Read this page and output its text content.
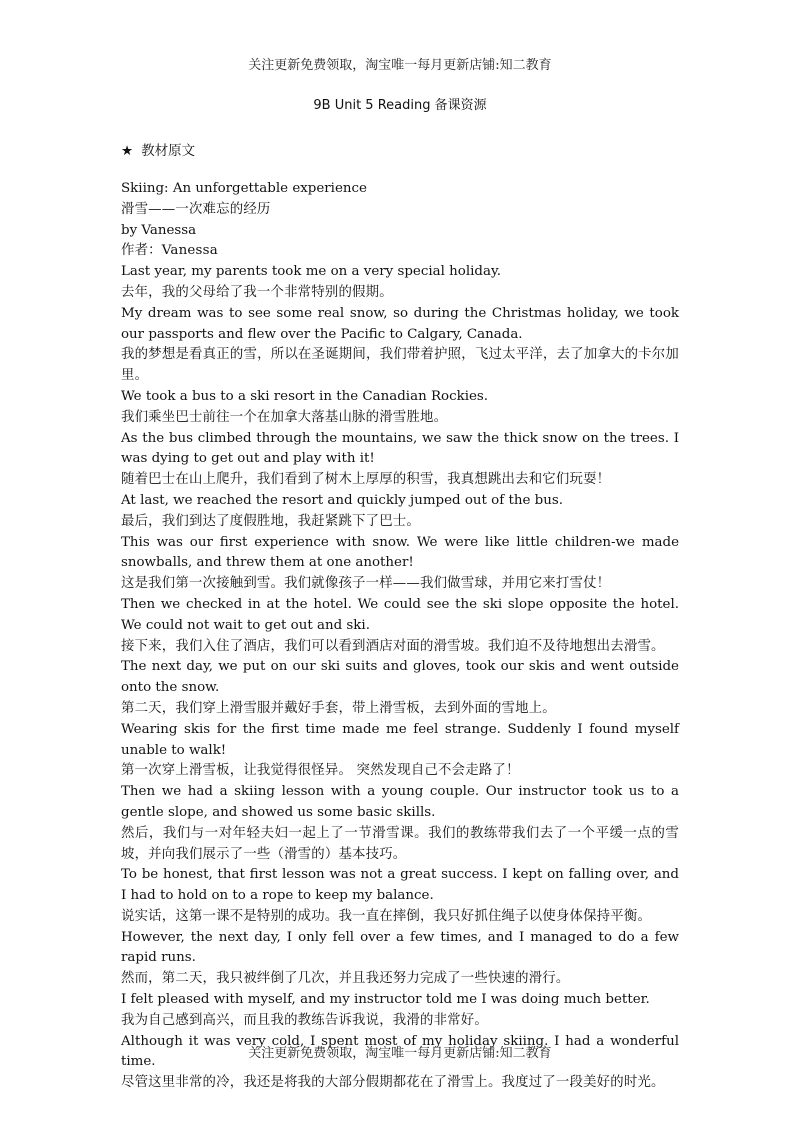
关注更新免费领取，淘宝唯一每月更新店铺:知二教育
9B Unit 5 Reading 备课资源
★ 教材原文

Skiing: An unforgettable experience

滑雪——一次难忘的经历

by Vanessa

作者：Vanessa

Last year, my parents took me on a very special holiday.

去年，我的父母给了我一个非常特别的假期。

My dream was to see some real snow, so during the Christmas holiday, we took our passports and flew over the Pacific to Calgary, Canada.

我的梦想是看真正的雪，所以在圣诞期间，我们带着护照，飞过太平洋，去了加拿大的卡尔加里。

We took a bus to a ski resort in the Canadian Rockies.

我们乘坐巴士前往一个在加拿大落基山脉的滑雪胜地。

As the bus climbed through the mountains, we saw the thick snow on the trees. I was dying to get out and play with it!

随着巴士在山上爬升，我们看到了树木上厚厚的积雪，我真想跳出去和它们玩耍！

At last, we reached the resort and quickly jumped out of the bus.

最后，我们到达了度假胜地，我赶紧跳下了巴士。

This was our first experience with snow. We were like little children-we made snowballs, and threw them at one another!

这是我们第一次接触到雪。我们就像孩子一样——我们做雪球，并用它来打雪仗！

Then we checked in at the hotel. We could see the ski slope opposite the hotel. We could not wait to get out and ski.

接下来，我们入住了酒店，我们可以看到酒店对面的滑雪坡。我们迫不及待地想出去滑雪。

The next day, we put on our ski suits and gloves, took our skis and went outside onto the snow.

第二天，我们穿上滑雪服并戴好手套，带上滑雪板，去到外面的雪地上。

Wearing skis for the first time made me feel strange. Suddenly I found myself unable to walk!

第一次穿上滑雪板，让我觉得很怪异。 突然发现自己不会走路了！

Then we had a skiing lesson with a young couple. Our instructor took us to a gentle slope, and showed us some basic skills.

然后，我们与一对年轻夫妇一起上了一节滑雪课。我们的教练带我们去了一个平缓一点的雪坡，并向我们展示了一些（滑雪的）基本技巧。

To be honest, that first lesson was not a great success. I kept on falling over, and I had to hold on to a rope to keep my balance.

说实话，这第一课不是特别的成功。我一直在摔倒，我只好抓住绳子以使身体保持平衡。

However, the next day, I only fell over a few times, and I managed to do a few rapid runs.

然而，第二天，我只被绊倒了几次，并且我还努力完成了一些快速的滑行。

I felt pleased with myself, and my instructor told me I was doing much better.

我为自己感到高兴，而且我的教练告诉我说，我滑的非常好。

Although it was very cold, I spent most of my holiday skiing. I had a wonderful time.

尽管这里非常的冷，我还是将我的大部分假期都花在了滑雪上。我度过了一段美好的时光。

关注更新免费领取，淘宝唯一每月更新店铺:知二教育
